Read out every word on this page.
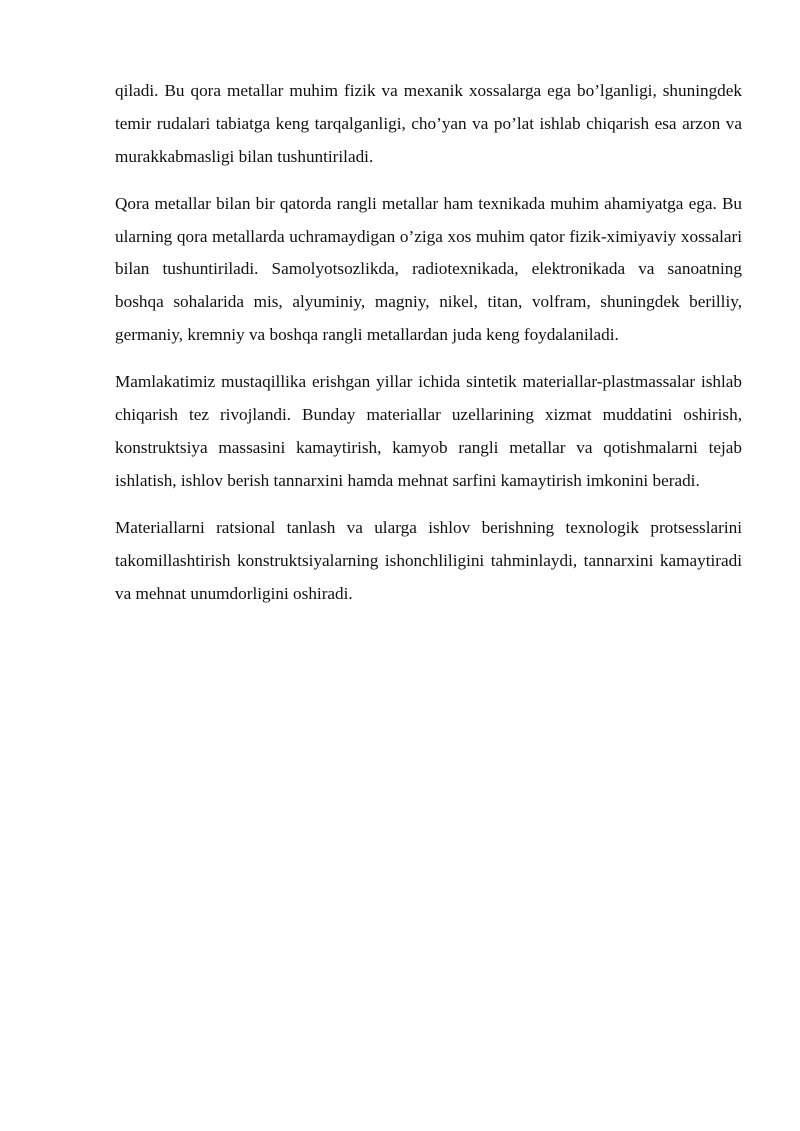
qiladi. Bu qora metallar muhim fizik va mexanik xossalarga ega bo’lganligi, shuningdek temir rudalari tabiatga keng tarqalganligi, cho’yan va po’lat ishlab chiqarish esa arzon va murakkabmasligi bilan tushuntiriladi.

Qora metallar bilan bir qatorda rangli metallar ham texnikada muhim ahamiyatga ega. Bu ularning qora metallarda uchramaydigan o’ziga xos muhim qator fizik-ximiyaviy xossalari bilan tushuntiriladi. Samolyotsozlikda, radiotexnikada, elektronikada va sanoatning boshqa sohalarida mis, alyuminiy, magniy, nikel, titan, volfram, shuningdek berilliy, germaniy, kremniy va boshqa rangli metallardan juda keng foydalaniladi.

Mamlakatimiz mustaqillika erishgan yillar ichida sintetik materiallar-plastmassalar ishlab chiqarish tez rivojlandi. Bunday materiallar uzellarining xizmat muddatini oshirish, konstruktsiya massasini kamaytirish, kamyob rangli metallar va qotishmalarni tejab ishlatish, ishlov berish tannarxini hamda mehnat sarfini kamaytirish imkonini beradi.

Materiallarni ratsional tanlash va ularga ishlov berishning texnologik protsesslarini takomillashtirish konstruktsiyalarning ishonchliligini tahminlaydi, tannarxini kamaytiradi va mehnat unumdorligini oshiradi.
